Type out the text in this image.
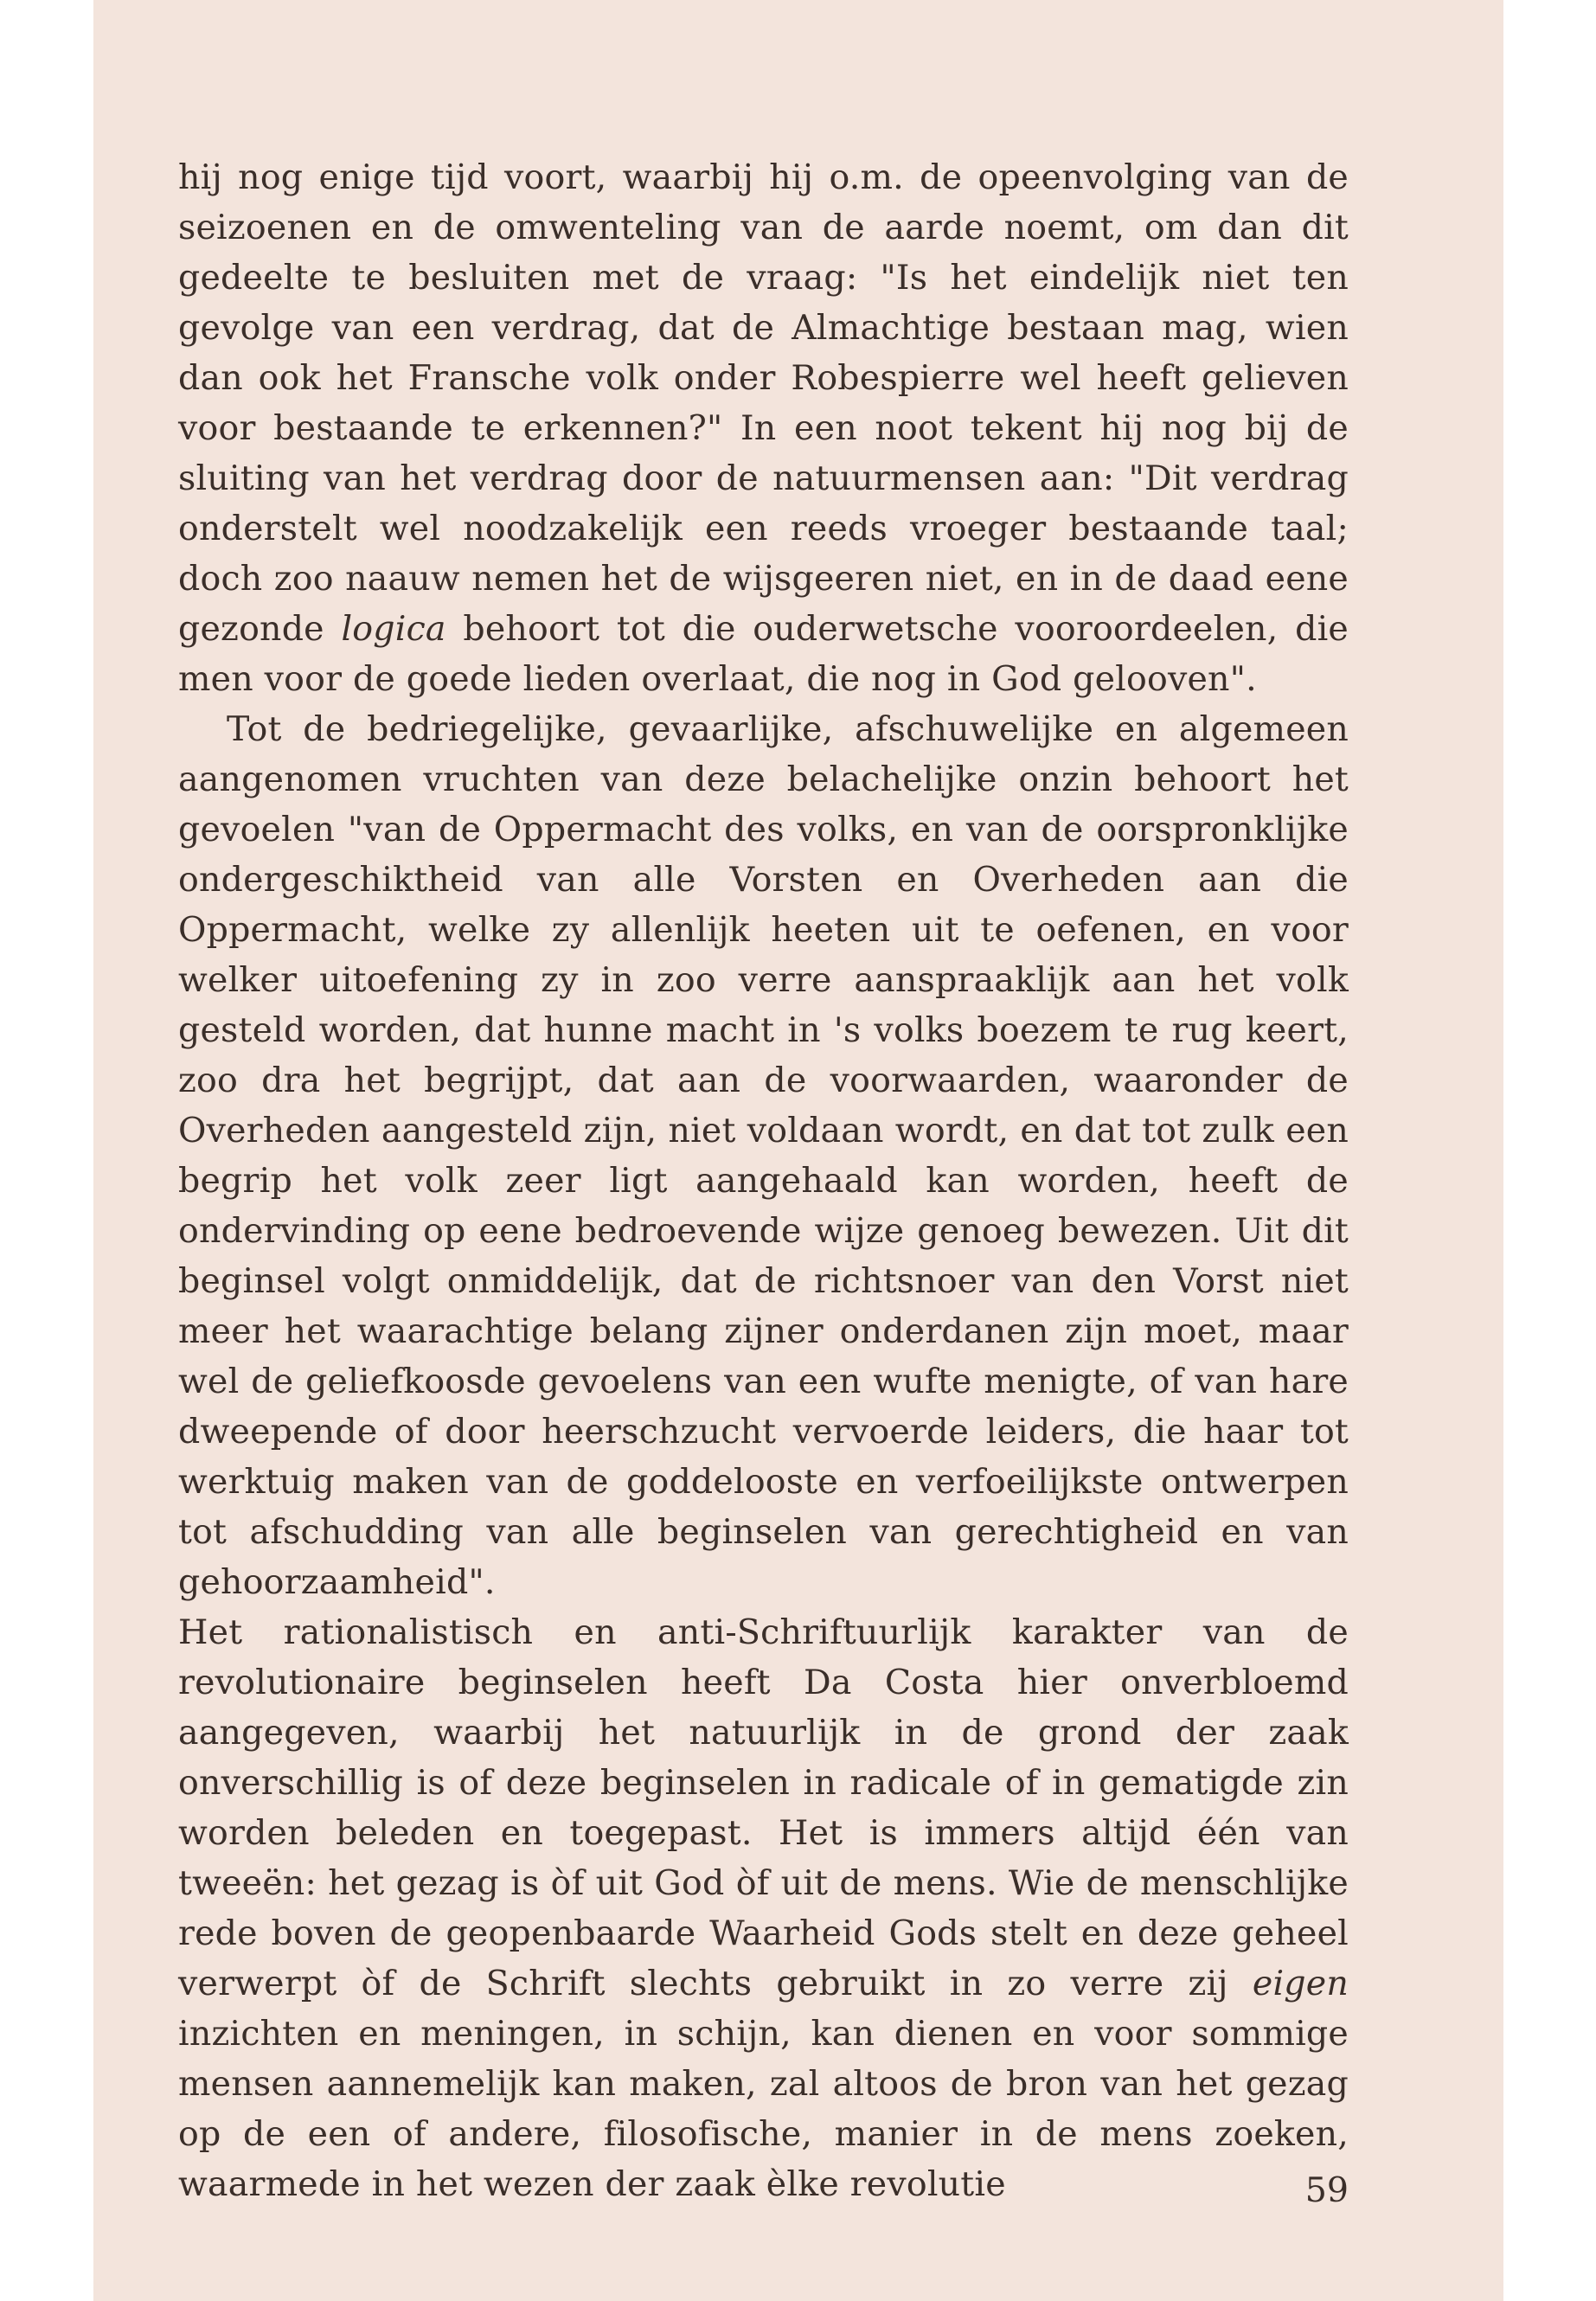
hij nog enige tijd voort, waarbij hij o.m. de opeenvolging van de seizoenen en de omwenteling van de aarde noemt, om dan dit gedeelte te besluiten met de vraag: "Is het eindelijk niet ten gevolge van een verdrag, dat de Almachtige bestaan mag, wien dan ook het Fransche volk onder Robespierre wel heeft gelieven voor bestaande te erkennen?" In een noot tekent hij nog bij de sluiting van het verdrag door de natuurmensen aan: "Dit verdrag onderstelt wel noodzakelijk een reeds vroeger bestaande taal; doch zoo naauw nemen het de wijsgeeren niet, en in de daad eene gezonde logica behoort tot die ouderwetsche vooroordeelen, die men voor de goede lieden overlaat, die nog in God gelooven".

Tot de bedriegelijke, gevaarlijke, afschuwelijke en algemeen aangenomen vruchten van deze belachelijke onzin behoort het gevoelen "van de Oppermacht des volks, en van de oorspronklijke ondergeschiktheid van alle Vorsten en Overheden aan die Oppermacht, welke zy allenlijk heeten uit te oefenen, en voor welker uitoefening zy in zoo verre aanspraaklijk aan het volk gesteld worden, dat hunne macht in 's volks boezem te rug keert, zoo dra het begrijpt, dat aan de voorwaarden, waaronder de Overheden aangesteld zijn, niet voldaan wordt, en dat tot zulk een begrip het volk zeer ligt aangehaald kan worden, heeft de ondervinding op eene bedroevende wijze genoeg bewezen. Uit dit beginsel volgt onmiddelijk, dat de richtsnoer van den Vorst niet meer het waarachtige belang zijner onderdanen zijn moet, maar wel de geliefkoosde gevoelens van een wufte menigte, of van hare dweepende of door heerschzucht vervoerde leiders, die haar tot werktuig maken van de goddelooste en verfoeilijkste ontwerpen tot afschudding van alle beginselen van gerechtigheid en van gehoorzaamheid".

Het rationalistisch en anti-Schriftuurlijk karakter van de revolutionaire beginselen heeft Da Costa hier onverbloemd aangegeven, waarbij het natuurlijk in de grond der zaak onverschillig is of deze beginselen in radicale of in gematigde zin worden beleden en toegepast. Het is immers altijd één van tweeën: het gezag is òf uit God òf uit de mens. Wie de menschlijke rede boven de geopenbaarde Waarheid Gods stelt en deze geheel verwerpt òf de Schrift slechts gebruikt in zo verre zij eigen inzichten en meningen, in schijn, kan dienen en voor sommige mensen aannemelijk kan maken, zal altoos de bron van het gezag op de een of andere, filosofische, manier in de mens zoeken, waarmede in het wezen der zaak èlke revolutie	59
